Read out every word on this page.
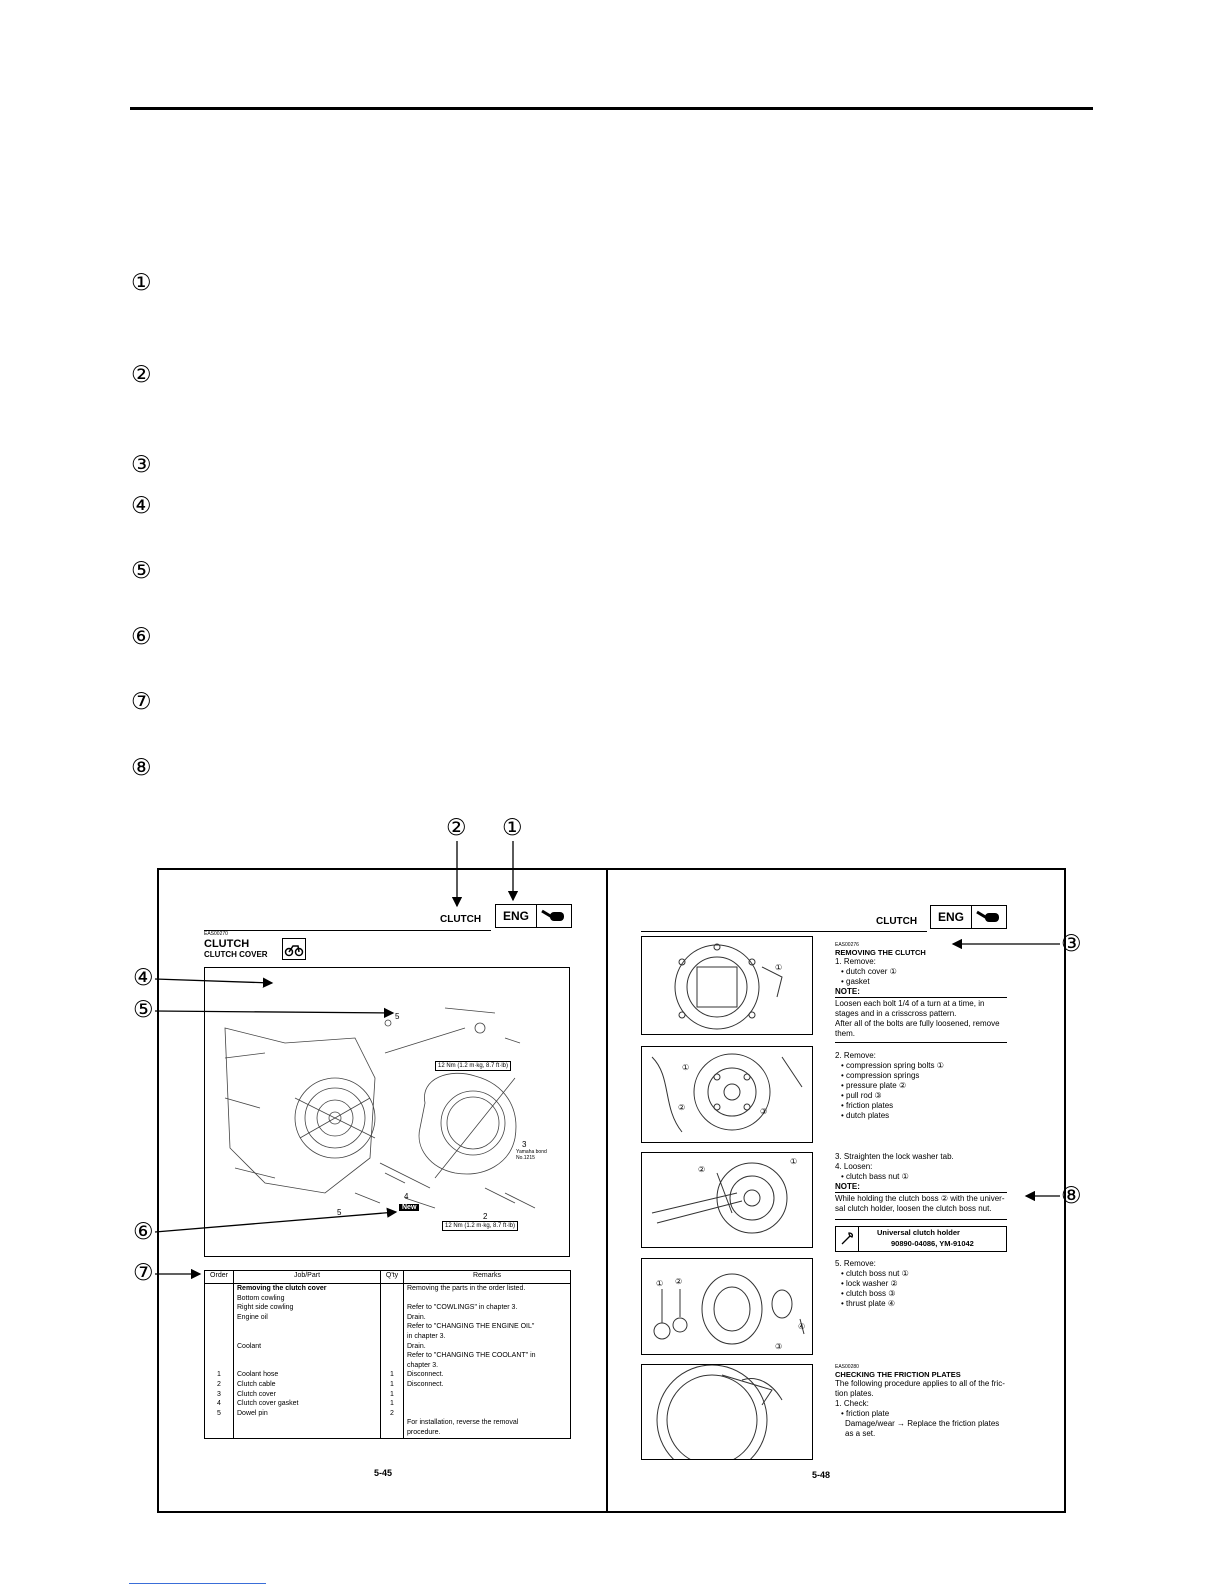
①
②
③
④
⑤
⑥
⑦
⑧
② ①
③
④
⑤
⑥
⑦
⑧
CLUTCH	ENG
EAS00270
CLUTCH
CLUTCH COVER
5
3
Yamaha bond No.1215
4
5	2
New
12 Nm (1.2 m·kg, 8.7 ft·lb)
12 Nm (1.2 m·kg, 8.7 ft·lb)
Order	Job/Part	Q'ty	Remarks
	Removing the clutch cover		Removing the parts in the order listed.
	Bottom cowling		
	Right side cowling		Refer to "COWLINGS" in chapter 3.
	Engine oil		Drain.
			Refer to "CHANGING THE ENGINE OIL"
			in chapter 3.
	Coolant		Drain.
			Refer to "CHANGING THE COOLANT" in
			chapter 3.
1	Coolant hose	1	Disconnect.
2	Clutch cable	1	Disconnect.
3	Clutch cover	1	
4	Clutch cover gasket	1	
5	Dowel pin	2	
			For installation, reverse the removal
			procedure.
5-45
CLUTCH	ENG
①
①
②	③
②
①
① ②
③
④
EAS00276
REMOVING THE CLUTCH
1. Remove:
• dutch cover ①
• gasket
NOTE:
Loosen each bolt 1/4 of a turn at a time, in
stages and in a crisscross pattern.
After all of the bolts are fully loosened, remove
them.
2. Remove:
• compression spring bolts ①
• compression springs
• pressure plate ②
• pull rod ③
• friction plates
• dutch plates
3. Straighten the lock washer tab.
4. Loosen:
• clutch bass nut ①
NOTE:
While holding the clutch boss ② with the univer-
sal clutch holder, loosen the clutch boss nut.
Universal clutch holder
90890-04086, YM-91042
5. Remove:
• clutch boss nut ①
• lock washer ②
• clutch boss ③
• thrust plate ④
EAS00280
CHECKING THE FRICTION PLATES
The following procedure applies to all of the fric-
tion plates.
1. Check:
• friction plate
Damage/wear → Replace the friction plates
as a set.
5-48
